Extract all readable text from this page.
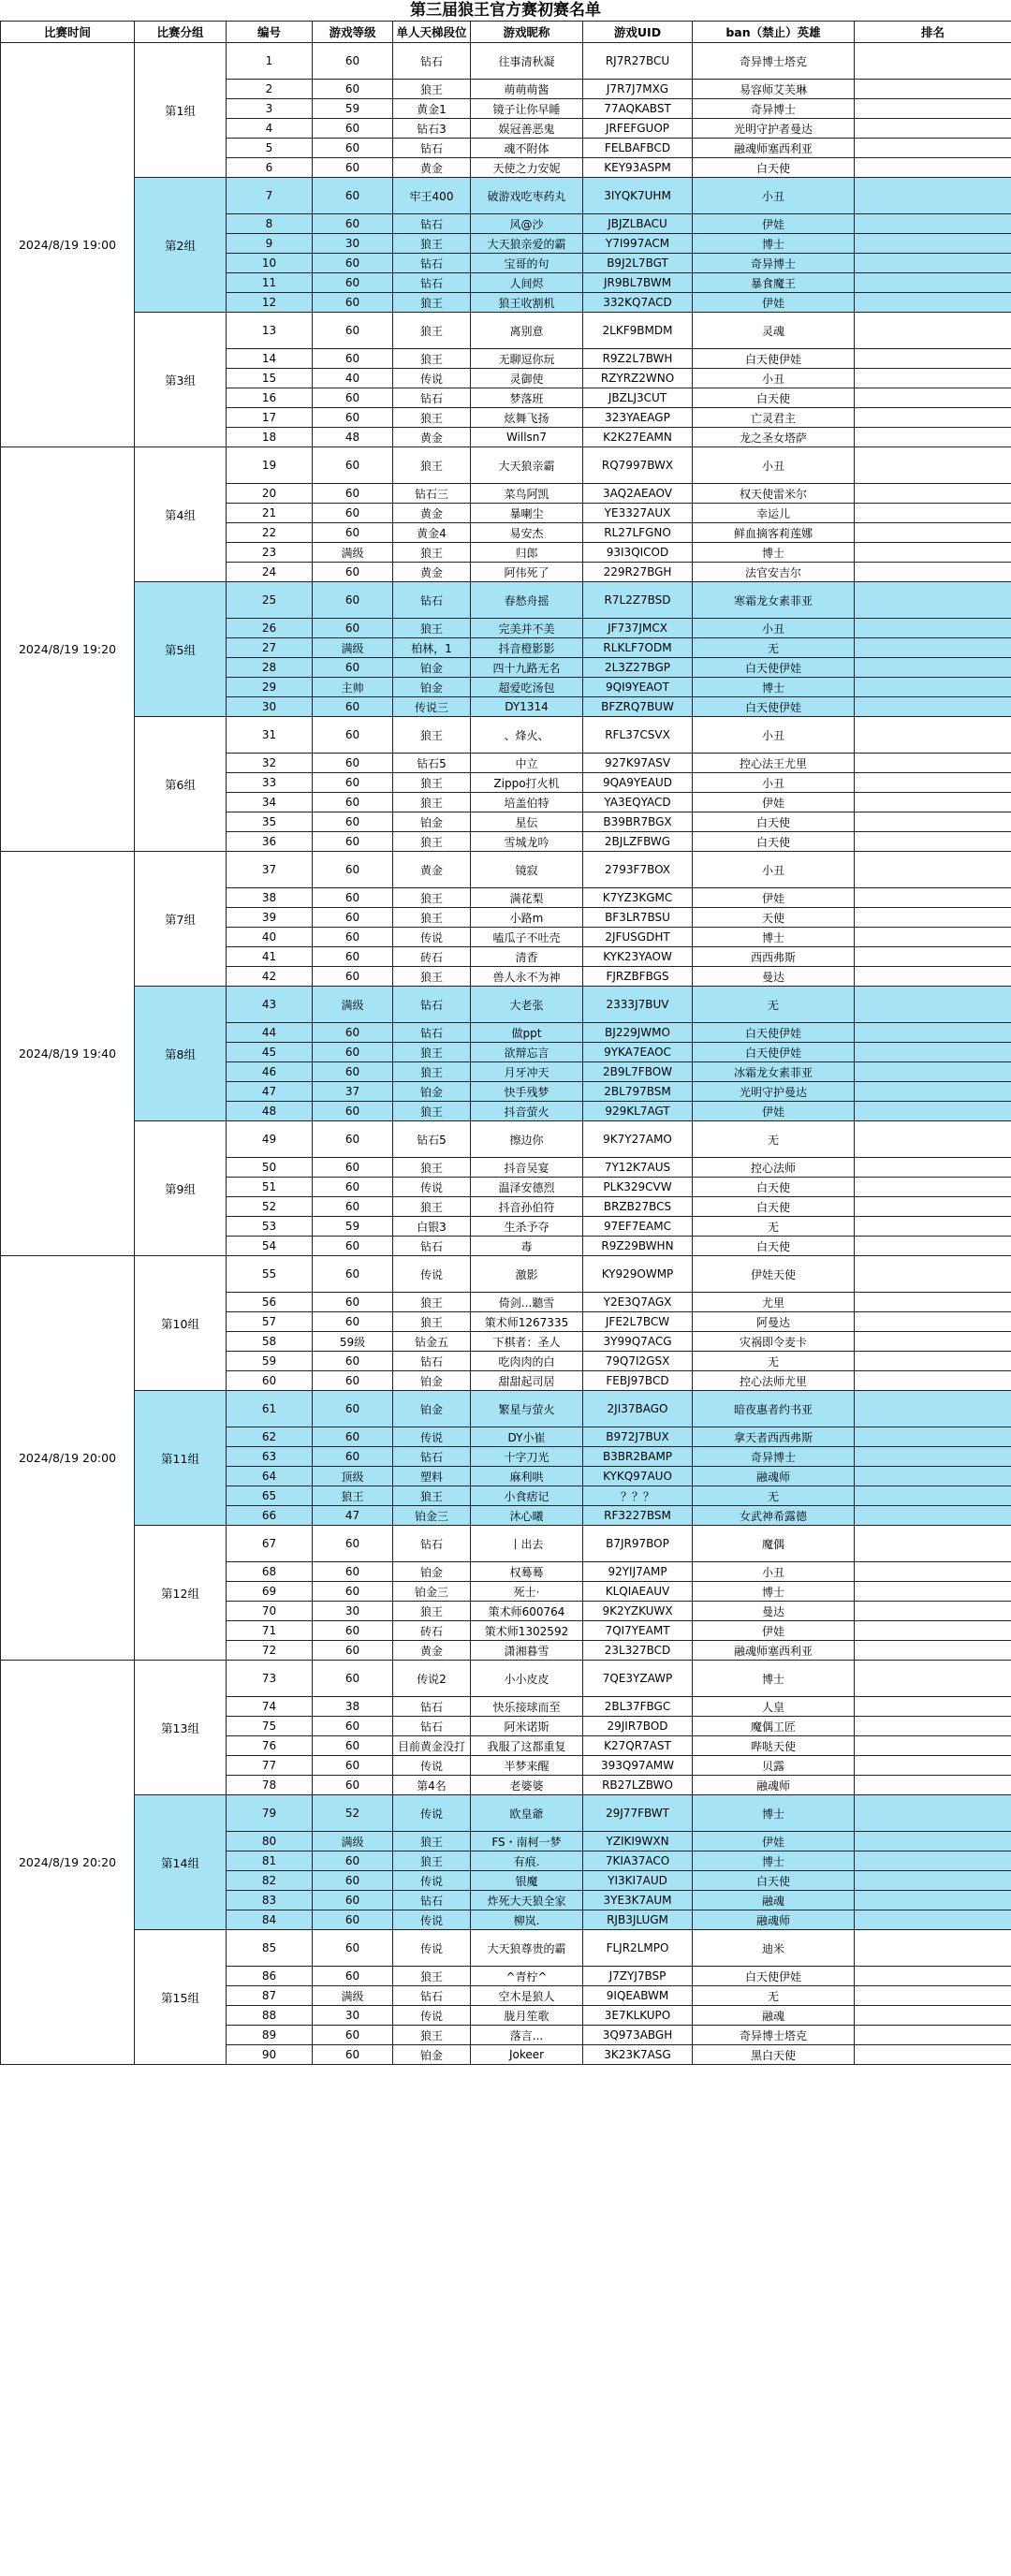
第三届狼王官方赛初赛名单
比赛时间	比赛分组	编号	游戏等级	单人天梯段位	游戏昵称	游戏UID	ban（禁止）英雄	排名
2024/8/19 19:00	第1组	1	60	钻石	往事清秋凝	RJ7R27BCU	奇异博士塔克	
		2	60	狼王	萌萌萌酱	J7R7J7MXG	易容师艾芙琳	
		3	59	黄金1	镜子让你早睡	77AQKABST	奇异博士	
		4	60	钻石3	娱冠善恶鬼	JRFEFGUOP	光明守护者曼达	
		5	60	钻石	魂不附体	FELBAFBCD	融魂师塞西利亚	
		6	60	黄金	天使之力安妮	KEY93ASPM	白天使	
	第2组	7	60	牢王400	破游戏吃枣药丸	3IYQK7UHM	小丑	
		8	60	钻石	风@沙	JBJZLBACU	伊娃	
		9	30	狼王	大天狼亲爱的霸	Y7I997ACM	博士	
		10	60	钻石	宝哥的句	B9J2L7BGT	奇异博士	
		11	60	钻石	人间烬	JR9BL7BWM	暴食魔王	
		12	60	狼王	狼王收割机	332KQ7ACD	伊娃	
	第3组	13	60	狼王	离别意	2LKF9BMDM	灵魂	
		14	60	狼王	无聊逗你玩	R9Z2L7BWH	白天使伊娃	
		15	40	传说	灵御使	RZYRZ2WNO	小丑	
		16	60	钻石	梦落班	JBZLJ3CUT	白天使	
		17	60	狼王	炫舞飞扬	323YAEAGP	亡灵君主	
		18	48	黄金	Willsn7	K2K27EAMN	龙之圣女塔萨	
2024/8/19 19:20	第4组	19	60	狼王	大天狼亲霸	RQ7997BWX	小丑	
		20	60	钻石三	菜鸟阿凯	3AQ2AEAOV	权天使雷米尔	
		21	60	黄金	暴喇尘	YE3327AUX	幸运儿	
		22	60	黄金4	易安杰	RL27LFGNO	鲜血摘客莉莲娜	
		23	满级	狼王	归郎	93I3QICOD	博士	
		24	60	黄金	阿伟死了	229R27BGH	法官安吉尔	
	第5组	25	60	钻石	春愁舟摇	R7L2Z7BSD	寒霜龙女素菲亚	
		26	60	狼王	完美并不美	JF737JMCX	小丑	
		27	满级	柏林，1	抖音橙影影	RLKLF7ODM	无	
		28	60	铂金	四十九路无名	2L3Z27BGP	白天使伊娃	
		29	主帅	铂金	超爱吃汤包	9QI9YEAOT	博士	
		30	60	传说三	DY1314	BFZRQ7BUW	白天使伊娃	
	第6组	31	60	狼王	、烽火、	RFL37CSVX	小丑	
		32	60	钻石5	中立	927K97ASV	控心法王尤里	
		33	60	狼王	Zippo打火机	9QA9YEAUD	小丑	
		34	60	狼王	培盖伯特	YA3EQYACD	伊娃	
		35	60	铂金	星伝	B39BR7BGX	白天使	
		36	60	狼王	雪城龙吟	2BJLZFBWG	白天使	
2024/8/19 19:40	第7组	37	60	黄金	镜寂	2793F7BOX	小丑	
		38	60	狼王	满花梨	K7YZ3KGMC	伊娃	
		39	60	狼王	小路m	BF3LR7BSU	天使	
		40	60	传说	嗑瓜子不吐壳	2JFUSGDHT	博士	
		41	60	砖石	清香	KYK23YAOW	西西弗斯	
		42	60	狼王	兽人永不为神	FJRZBFBGS	曼达	
	第8组	43	满级	钻石	大老张	2333J7BUV	无	
		44	60	钻石	做ppt	BJ229JWMO	白天使伊娃	
		45	60	狼王	欲辩忘言	9YKA7EAOC	白天使伊娃	
		46	60	狼王	月牙冲天	2B9L7FBOW	冰霜龙女素菲亚	
		47	37	铂金	快手残梦	2BL797BSM	光明守护曼达	
		48	60	狼王	抖音萤火	929KL7AGT	伊娃	
	第9组	49	60	钻石5	擦边你	9K7Y27AMO	无	
		50	60	狼王	抖音吴宴	7Y12K7AUS	控心法师	
		51	60	传说	温泽安德烈	PLK329CVW	白天使	
		52	60	狼王	抖音孙伯符	BRZB27BCS	白天使	
		53	59	白银3	生杀予夺	97EF7EAMC	无	
		54	60	钻石	毒	R9Z29BWHN	白天使	
2024/8/19 20:00	第10组	55	60	传说	激影	KY929OWMP	伊娃天使	
		56	60	狼王	倚剑...聽雪	Y2E3Q7AGX	尤里	
		57	60	狼王	策术师1267335	JFE2L7BCW	阿曼达	
		58	59级	钻金五	下棋者：圣人	3Y99Q7ACG	灾祸即令麦卡	
		59	60	钻石	吃肉肉的白	79Q7I2GSX	无	
		60	60	铂金	甜甜起司居	FEBJ97BCD	控心法师尤里	
	第11组	61	60	铂金	繁星与萤火	2JI37BAGO	暗夜惠者约书亚	
		62	60	传说	DY小崔	B972J7BUX	拿天者西西弗斯	
		63	60	钻石	十字刀光	B3BR2BAMP	奇异博士	
		64	顶级	塑料	麻利哄	KYKQ97AUO	融魂师	
		65	狼王	狼王	小食痞记	？？？	无	
		66	47	铂金三	沐心曦	RF3227BSM	女武神希露德	
	第12组	67	60	钻石	丨出去	B7JR97BOP	魔偶	
		68	60	铂金	权蓦蓦	92YIJ7AMP	小丑	
		69	60	铂金三	死士·	KLQIAEAUV	博士	
		70	30	狼王	策术师600764	9K2YZKUWX	曼达	
		71	60	砖石	策术师1302592	7QI7YEAMT	伊娃	
		72	60	黄金	潇湘暮雪	23L327BCD	融魂师塞西利亚	
2024/8/19 20:20	第13组	73	60	传说2	小小皮皮	7QE3YZAWP	博士	
		74	38	钻石	快乐接球而至	2BL37FBGC	人皇	
		75	60	钻石	阿米诺斯	29JIR7BOD	魔偶工匠	
		76	60	目前黄金没打	我服了这都重复	K27QR7AST	哔哒天使	
		77	60	传说	半梦来醒	393Q97AMW	贝露	
		78	60	第4名	老婆婆	RB27LZBWO	融魂师	
	第14组	79	52	传说	欧皇爺	29J77FBWT	博士	
		80	满级	狼王	FS・南柯一梦	YZIKI9WXN	伊娃	
		81	60	狼王	有痕.	7KIA37ACO	博士	
		82	60	传说	银魔	YI3KI7AUD	白天使	
		83	60	钻石	炸死大天狼全家	3YE3K7AUM	融魂	
		84	60	传说	柳岚.	RJB3JLUGM	融魂师	
	第15组	85	60	传说	大天狼尊贵的霸	FLJR2LMPO	迪米	
		86	60	狼王	^青柠^	J7ZYJ7BSP	白天使伊娃	
		87	满级	钻石	空木是狼人	9IQEABWM	无	
		88	30	传说	胧月笙歌	3E7KLKUPO	融魂	
		89	60	狼王	落言...	3Q973ABGH	奇异博士塔克	
		90	60	铂金	Jokeer	3K23K7ASG	黑白天使	
